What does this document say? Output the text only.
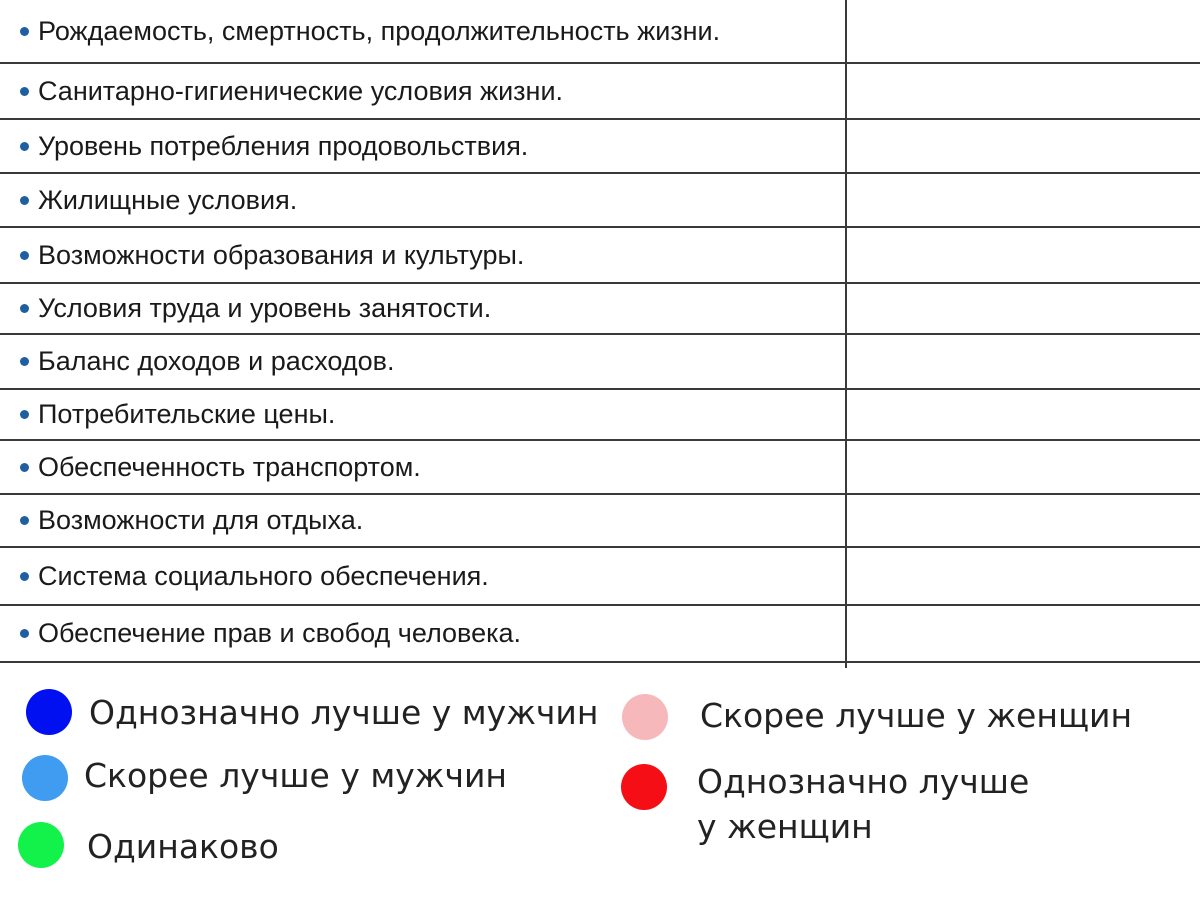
Рождаемость, смертность, продолжительность жизни.
Санитарно-гигиенические условия жизни.
Уровень потребления продовольствия.
Жилищные условия.
Возможности образования и культуры.
Условия труда и уровень занятости.
Баланс доходов и расходов.
Потребительские цены.
Обеспеченность транспортом.
Возможности для отдыха.
Система социального обеспечения.
Обеспечение прав и свобод человека.
Однозначно лучше у мужчин
Скорее лучше у мужчин
Одинаково
Скорее лучше у женщин
Однозначно лучше
у женщин
